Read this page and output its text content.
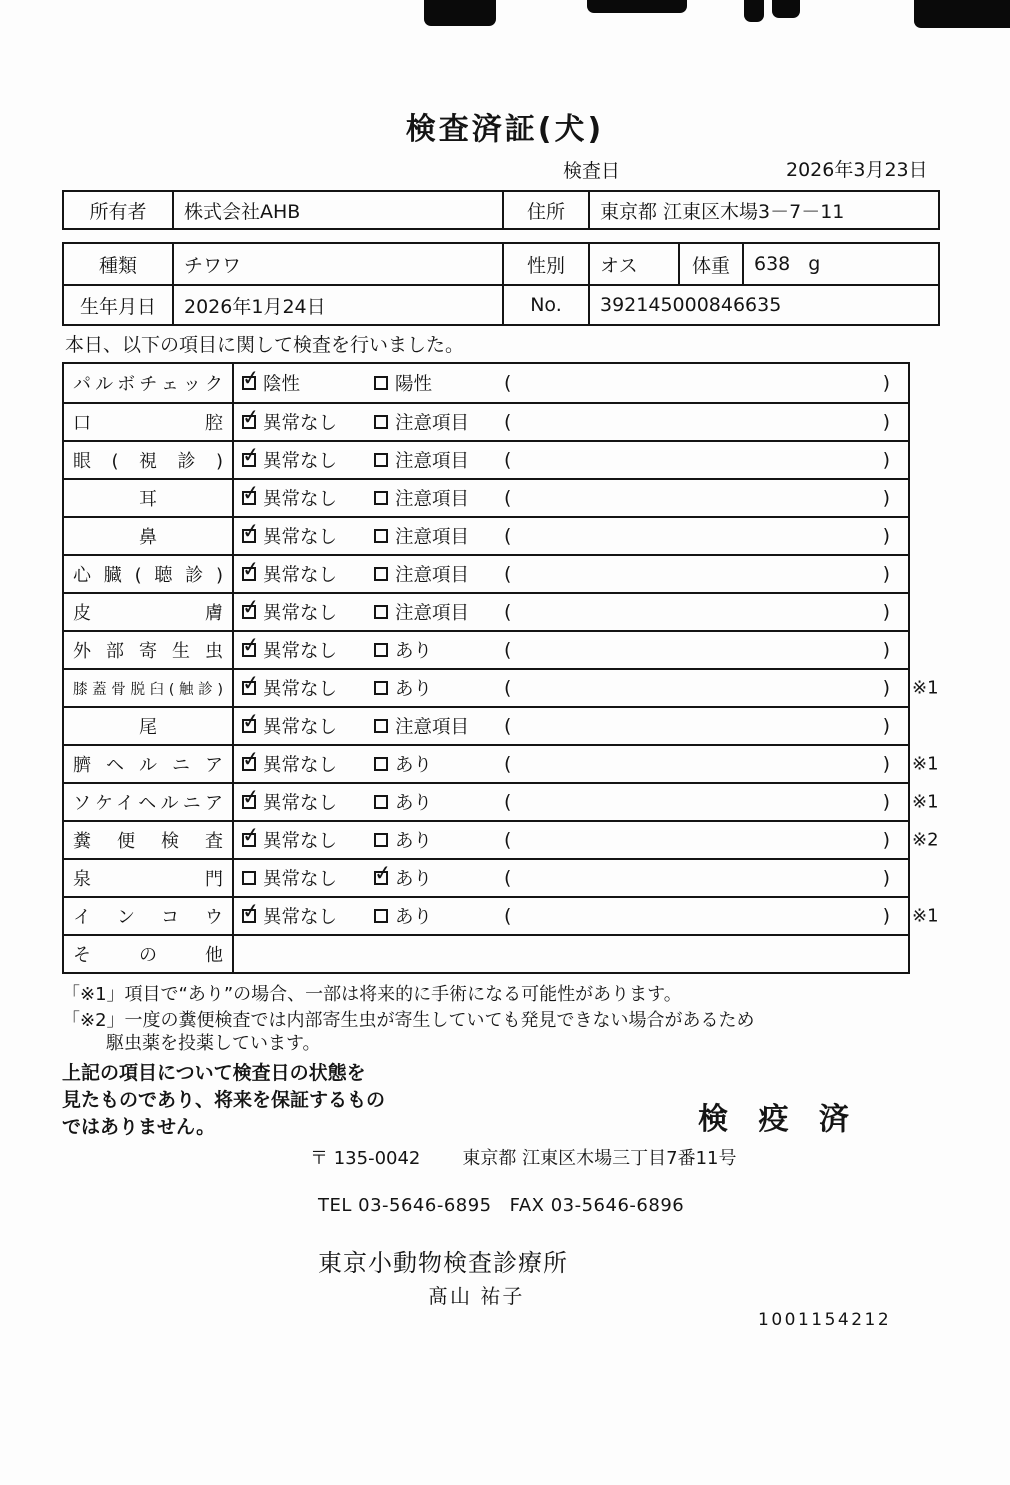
検査済証(犬)
検査日	2026年3月23日
所有者	株式会社AHB	住所	東京都 江東区木場3－7－11
種類	チワワ	性別	オス	体重	638 g
生年月日	2026年1月24日	No.	392145000846635
本日、以下の項目に関して検査を行いました。
パルボチェック ✓ 陰性	陽性	(	)
口腔 ✓ 異常なし	注意項目 (	)
眼(視診) ✓ 異常なし	注意項目 (	)
耳	✓ 異常なし	注意項目 (	)
鼻	✓ 異常なし	注意項目 (	)
心臓(聴診) ✓ 異常なし	注意項目 (	)
皮膚 ✓ 異常なし	注意項目 (	)
外部寄生虫 ✓ 異常なし	あり	(	)
膝蓋骨脱臼(触診) ✓ 異常なし	あり	(	) ※1
尾	✓ 異常なし	注意項目 (	)
臍ヘルニア ✓ 異常なし	あり	(	) ※1
ソケイヘルニア ✓ 異常なし	あり	(	) ※1
糞便検査 ✓ 異常なし	あり	(	) ※2
泉門 異常なし ✓ あり	(	)
インコウ ✓ 異常なし	あり	(	) ※1
その他
「※1」項目で“あり”の場合、一部は将来的に手術になる可能性があります。
「※2」一度の糞便検査では内部寄生虫が寄生していても発見できない場合があるため
駆虫薬を投薬しています。
上記の項目について検査日の状態を
見たものであり、将来を保証するもの
ではありません。	検 疫 済
〒 135-0042 東京都 江東区木場三丁目7番11号
TEL 03-5646-6895 FAX 03-5646-6896
東京小動物検査診療所
髙山 祐子
1001154212
